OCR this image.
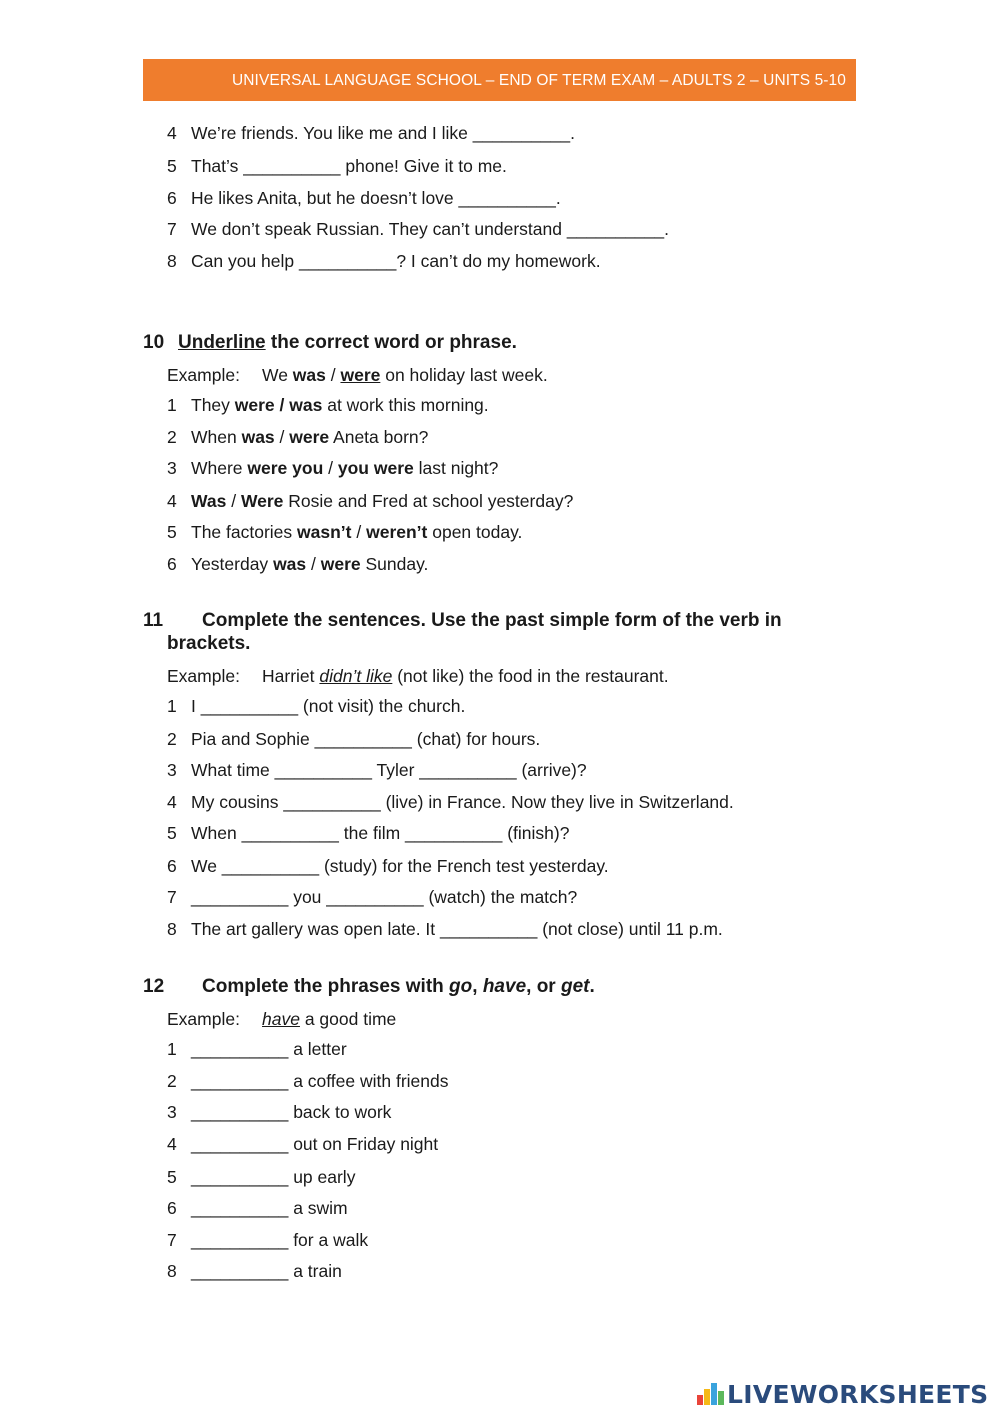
UNIVERSAL LANGUAGE SCHOOL – END OF TERM EXAM – ADULTS 2 – UNITS 5-10
4 We’re friends. You like me and I like __________.
5 That’s __________ phone! Give it to me.
6 He likes Anita, but he doesn’t love __________.
7 We don’t speak Russian. They can’t understand __________.
8 Can you help __________? I can’t do my homework.
10 Underline the correct word or phrase.
Example: We was / were on holiday last week.
1 They were / was at work this morning.
2 When was / were Aneta born?
3 Where were you / you were last night?
4 Was / Were Rosie and Fred at school yesterday?
5 The factories wasn’t / weren’t open today.
6 Yesterday was / were Sunday.
11 Complete the sentences. Use the past simple form of the verb in
brackets.
Example: Harriet didn’t like (not like) the food in the restaurant.
1 I __________ (not visit) the church.
2 Pia and Sophie __________ (chat) for hours.
3 What time __________ Tyler __________ (arrive)?
4 My cousins __________ (live) in France. Now they live in Switzerland.
5 When __________ the film __________ (finish)?
6 We __________ (study) for the French test yesterday.
7 __________ you __________ (watch) the match?
8 The art gallery was open late. It __________ (not close) until 11 p.m.
12 Complete the phrases with go, have, or get.
Example: have a good time
1 __________ a letter
2 __________ a coffee with friends
3 __________ back to work
4 __________ out on Friday night
5 __________ up early
6 __________ a swim
7 __________ for a walk
8 __________ a train
LIVEWORKSHEETS
